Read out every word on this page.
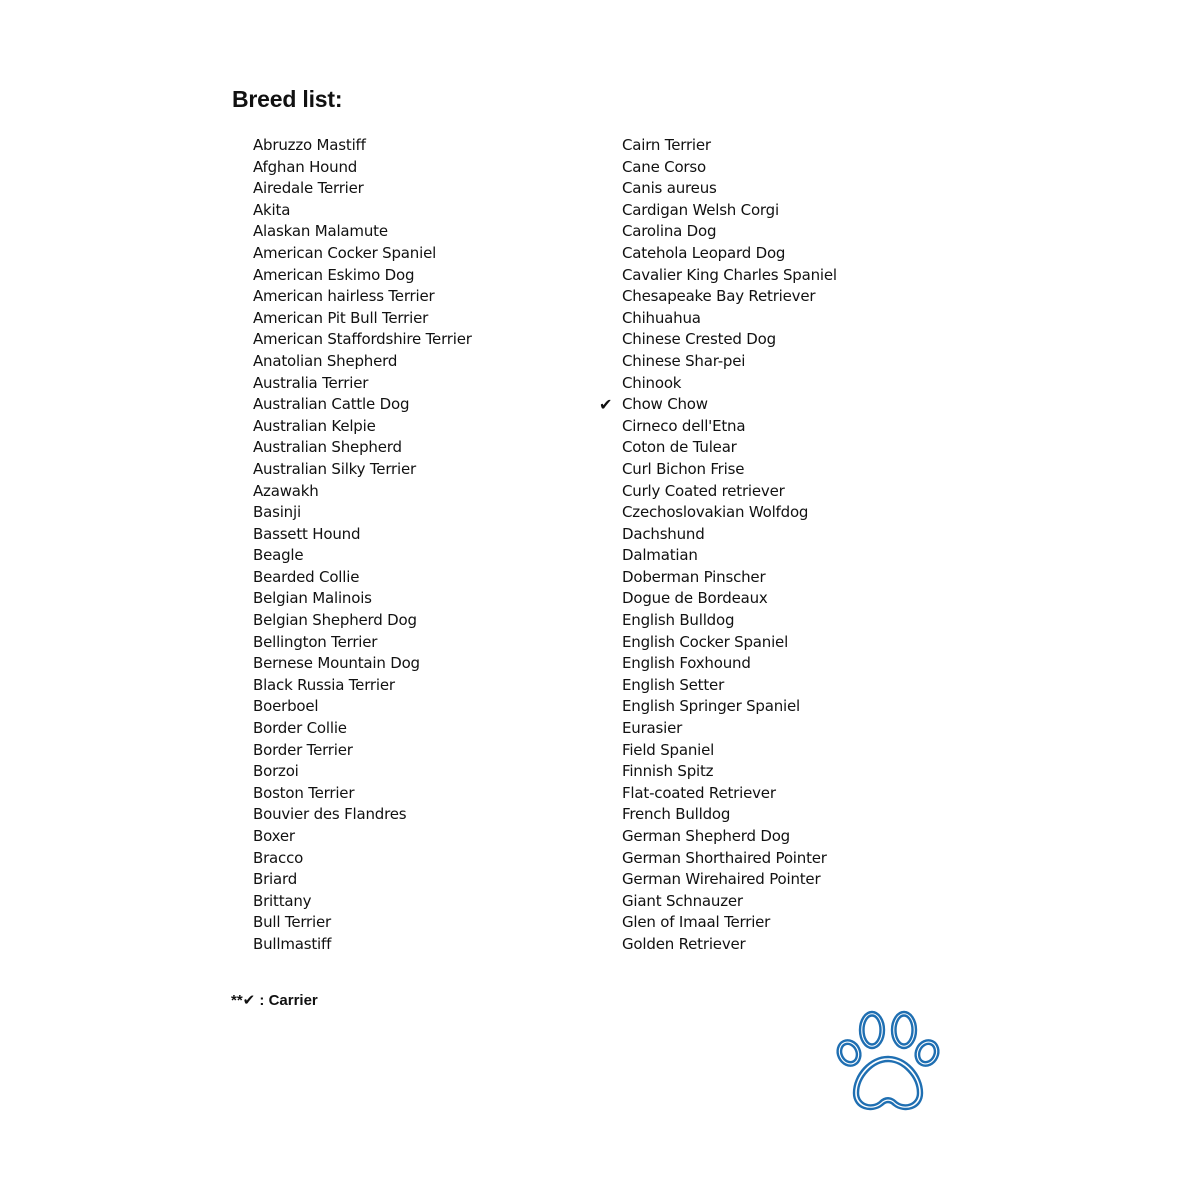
Breed list:
Abruzzo Mastiff
Afghan Hound
Airedale Terrier
Akita
Alaskan Malamute
American Cocker Spaniel
American Eskimo Dog
American hairless Terrier
American Pit Bull Terrier
American Staffordshire Terrier
Anatolian Shepherd
Australia Terrier
Australian Cattle Dog
Australian Kelpie
Australian Shepherd
Australian Silky Terrier
Azawakh
Basinji
Bassett Hound
Beagle
Bearded Collie
Belgian Malinois
Belgian Shepherd Dog
Bellington Terrier
Bernese Mountain Dog
Black Russia Terrier
Boerboel
Border Collie
Border Terrier
Borzoi
Boston Terrier
Bouvier des Flandres
Boxer
Bracco
Briard
Brittany
Bull Terrier
Bullmastiff
Cairn Terrier
Cane Corso
Canis aureus
Cardigan Welsh Corgi
Carolina Dog
Catehola Leopard Dog
Cavalier King Charles Spaniel
Chesapeake Bay Retriever
Chihuahua
Chinese Crested Dog
Chinese Shar-pei
Chinook
✔ Chow Chow
Cirneco dell'Etna
Coton de Tulear
Curl Bichon Frise
Curly Coated retriever
Czechoslovakian Wolfdog
Dachshund
Dalmatian
Doberman Pinscher
Dogue de Bordeaux
English Bulldog
English Cocker Spaniel
English Foxhound
English Setter
English Springer Spaniel
Eurasier
Field Spaniel
Finnish Spitz
Flat-coated Retriever
French Bulldog
German Shepherd Dog
German Shorthaired Pointer
German Wirehaired Pointer
Giant Schnauzer
Glen of Imaal Terrier
Golden Retriever
**✔ : Carrier
